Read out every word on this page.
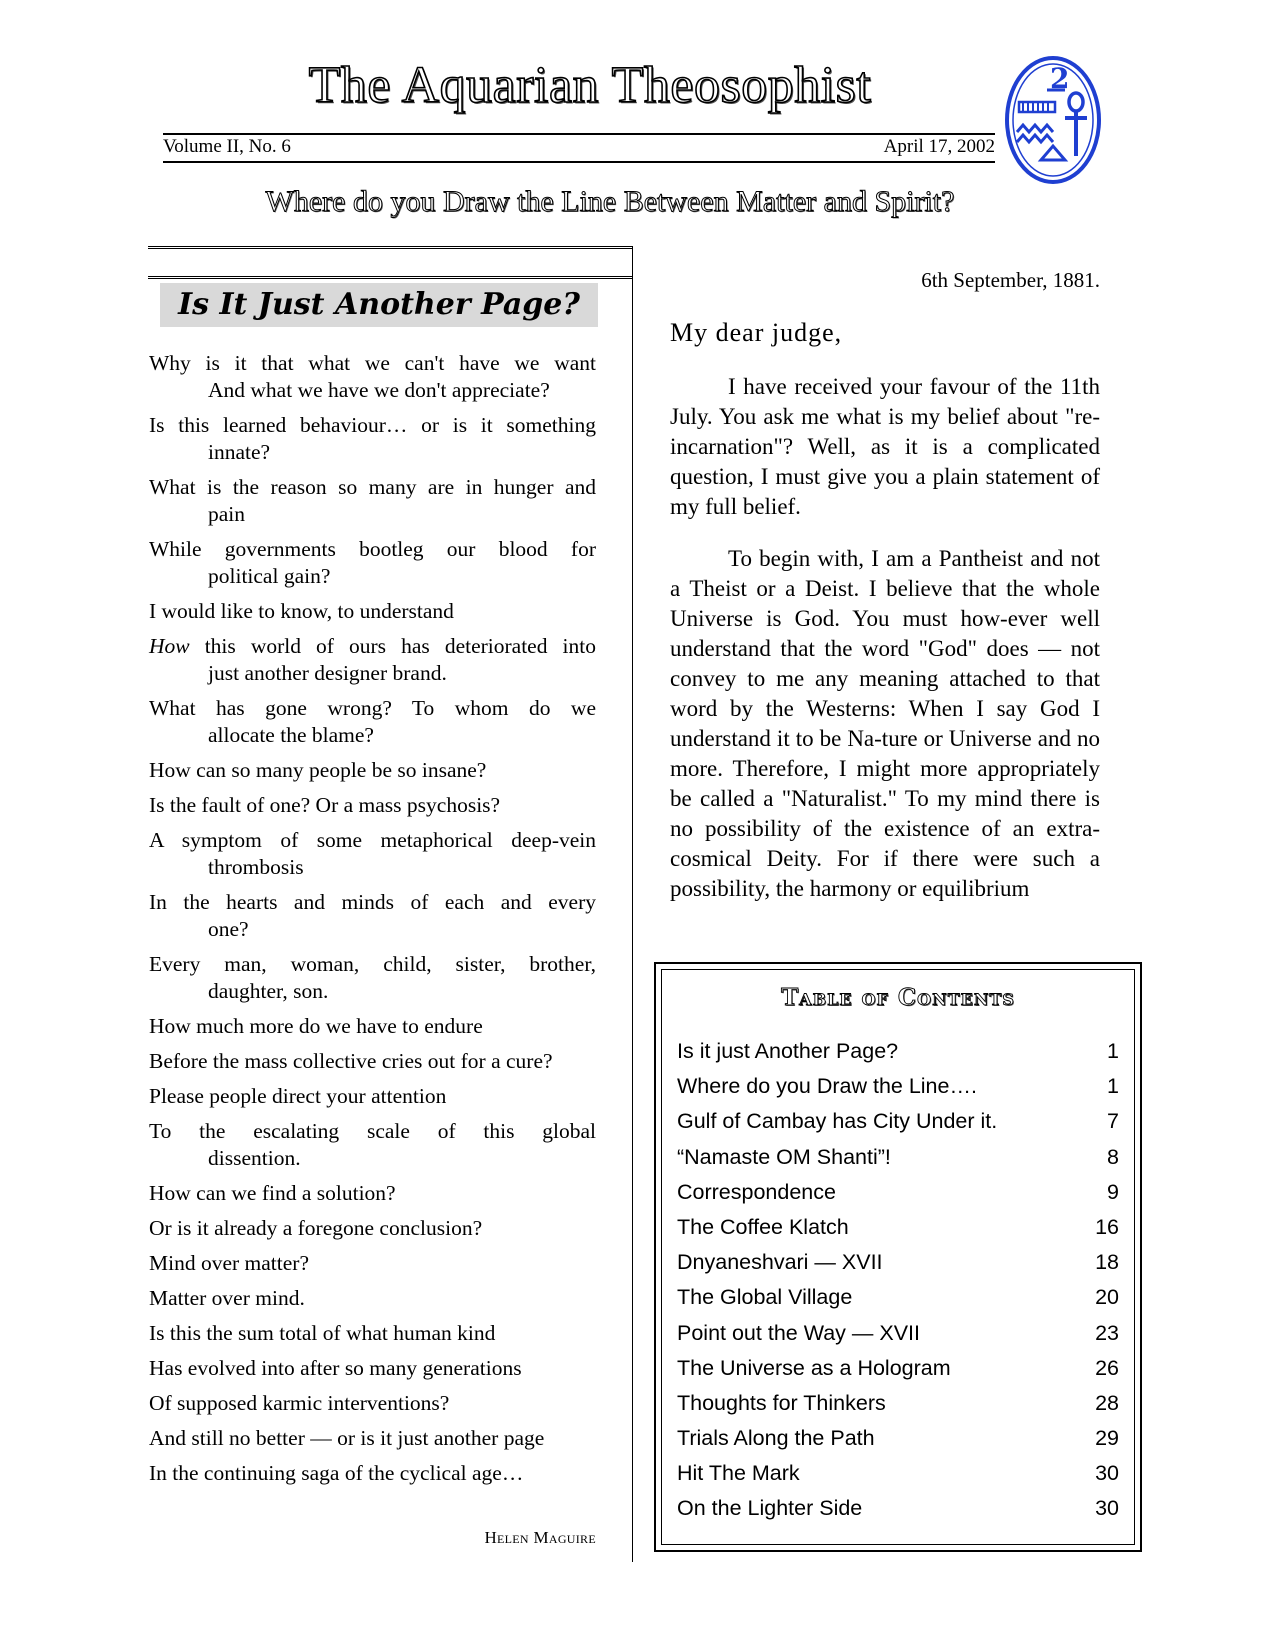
The Aquarian Theosophist
Volume II, No. 6	April 17, 2002
2
Where do you Draw the Line Between Matter and Spirit?
Is It Just Another Page?
Why is it that what we can't have we want
And what we have we don't appreciate?
Is this learned behaviour… or is it something
innate?
What is the reason so many are in hunger and
pain
While governments bootleg our blood for
political gain?
I would like to know, to understand
How this world of ours has deteriorated into
just another designer brand.
What has gone wrong? To whom do we
allocate the blame?
How can so many people be so insane?
Is the fault of one? Or a mass psychosis?
A symptom of some metaphorical deep-vein
thrombosis
In the hearts and minds of each and every
one?
Every man, woman, child, sister, brother,
daughter, son.
How much more do we have to endure
Before the mass collective cries out for a cure?
Please people direct your attention
To the escalating scale of this global
dissention.
How can we find a solution?
Or is it already a foregone conclusion?
Mind over matter?
Matter over mind.
Is this the sum total of what human kind
Has evolved into after so many generations
Of supposed karmic interventions?
And still no better — or is it just another page
In the continuing saga of the cyclical age…
Helen Maguire
6th September, 1881.
My dear judge,

I have received your favour of the 11th July. You ask me what is my belief about "re-incarnation"? Well, as it is a complicated question, I must give you a plain statement of my full belief.

To begin with, I am a Pantheist and not a Theist or a Deist. I believe that the whole Universe is God. You must how-ever well understand that the word "God" does — not convey to me any meaning attached to that word by the Westerns: When I say God I understand it to be Na-ture or Universe and no more. Therefore, I might more appropriately be called a "Naturalist." To my mind there is no possibility of the existence of an extra-cosmical Deity. For if there were such a possibility, the harmony or equilibrium

Table of Contents
Is it just Another Page?	1
Where do you Draw the Line….	1
Gulf of Cambay has City Under it.	7
“Namaste OM Shanti”!	8
Correspondence	9
The Coffee Klatch	16
Dnyaneshvari — XVII	18
The Global Village	20
Point out the Way — XVII	23
The Universe as a Hologram	26
Thoughts for Thinkers	28
Trials Along the Path	29
Hit The Mark	30
On the Lighter Side	30
